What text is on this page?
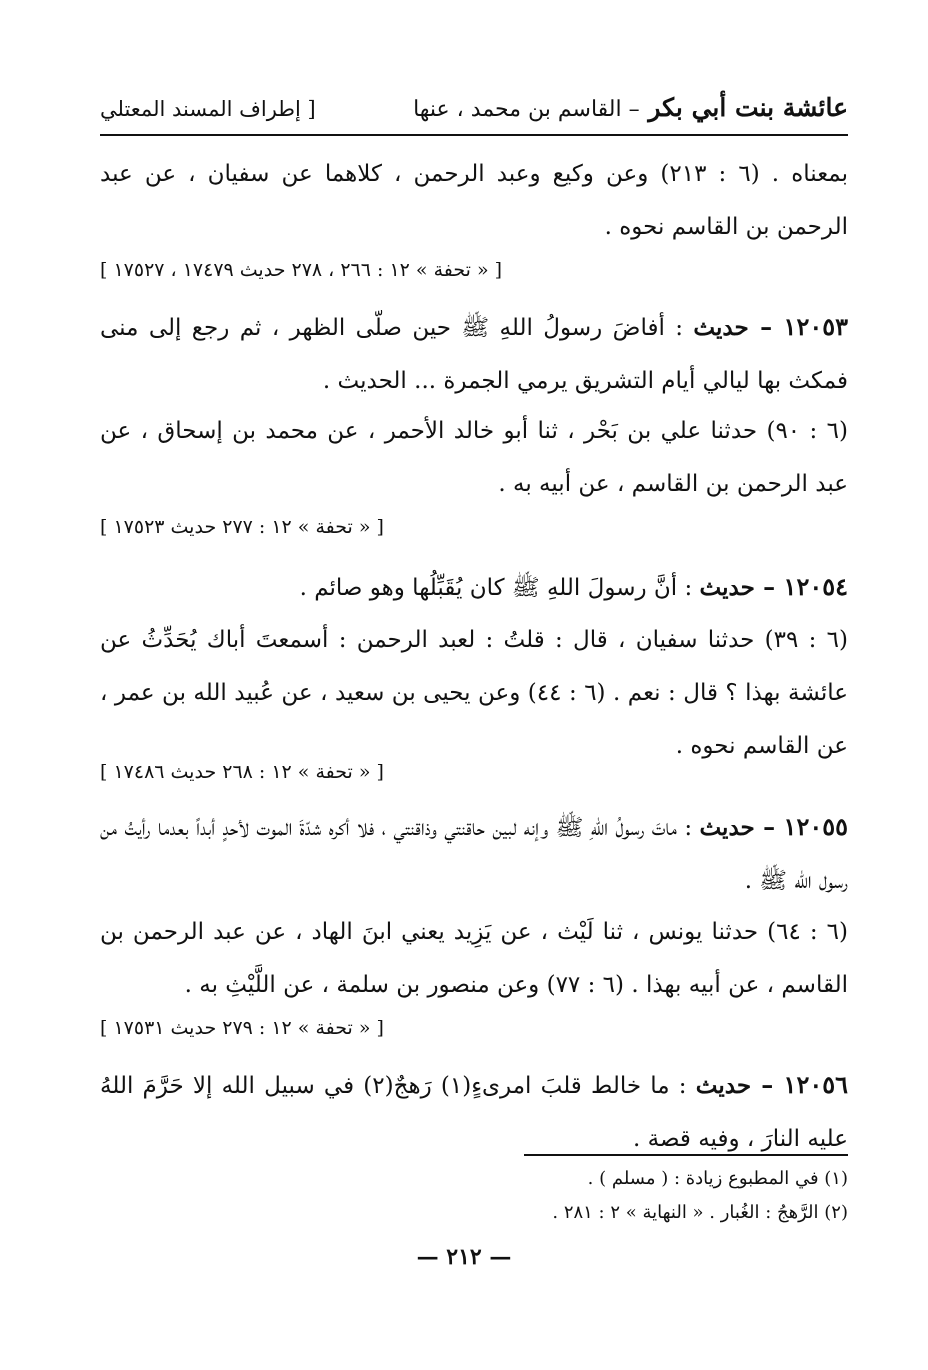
عائشة بنت أبي بكر – القاسم بن محمد ، عنها
[ إطراف المسند المعتلي
بمعناه . (٦ : ٢١٣) وعن وكيع وعبد الرحمن ، كلاهما عن سفيان ، عن عبد الرحمن بن القاسم نحوه .
[ « تحفة » ١٢ : ٢٦٦ ، ٢٧٨ حديث ١٧٤٧٩ ، ١٧٥٢٧ ]
١٢٠٥٣ – حديث : أفاضَ رسولُ اللهِ ﷺ حين صلّى الظهر ، ثم رجع إلى منى فمكث بها ليالي أيام التشريق يرمي الجمرة ... الحديث .
(٦ : ٩٠) حدثنا علي بن بَحْر ، ثنا أبو خالد الأحمر ، عن محمد بن إسحاق ، عن عبد الرحمن بن القاسم ، عن أبيه به .
[ « تحفة » ١٢ : ٢٧٧ حديث ١٧٥٢٣ ]
١٢٠٥٤ – حديث : أنَّ رسولَ اللهِ ﷺ كان يُقَبِّلُها وهو صائم .
(٦ : ٣٩) حدثنا سفيان ، قال : قلتُ : لعبد الرحمن : أسمعتَ أباك يُحَدِّثُ عن عائشة بهذا ؟ قال : نعم . (٦ : ٤٤) وعن يحيى بن سعيد ، عن عُبيد الله بن عمر ، عن القاسم نحوه .
[ « تحفة » ١٢ : ٢٦٨ حديث ١٧٤٨٦ ]
١٢٠٥٥ – حديث : ماتَ رسولُ اللهِ ﷺ وإنه لبين حاقنتي وذاقنتي ، فلا أكره شدّةَ الموت لأحدٍ أبداً بعدما رأيتُ من رسول الله ﷺ .
(٦ : ٦٤) حدثنا يونس ، ثنا لَيْث ، عن يَزِيد يعني ابنَ الهاد ، عن عبد الرحمن بن القاسم ، عن أبيه بهذا . (٦ : ٧٧) وعن منصور بن سلمة ، عن اللَّيْثِ به .
[ « تحفة » ١٢ : ٢٧٩ حديث ١٧٥٣١ ]
١٢٠٥٦ – حديث : ما خالط قلبَ امرىءٍ(١) رَهجٌ(٢) في سبيل الله إلا حَرَّمَ اللهُ عليه النارَ ، وفيه قصة .
(١) في المطبوع زيادة : ( مسلم ) .
(٢) الرَّهجُ : الغُبار . « النهاية » ٢ : ٢٨١ .
— ٢١٢ —
